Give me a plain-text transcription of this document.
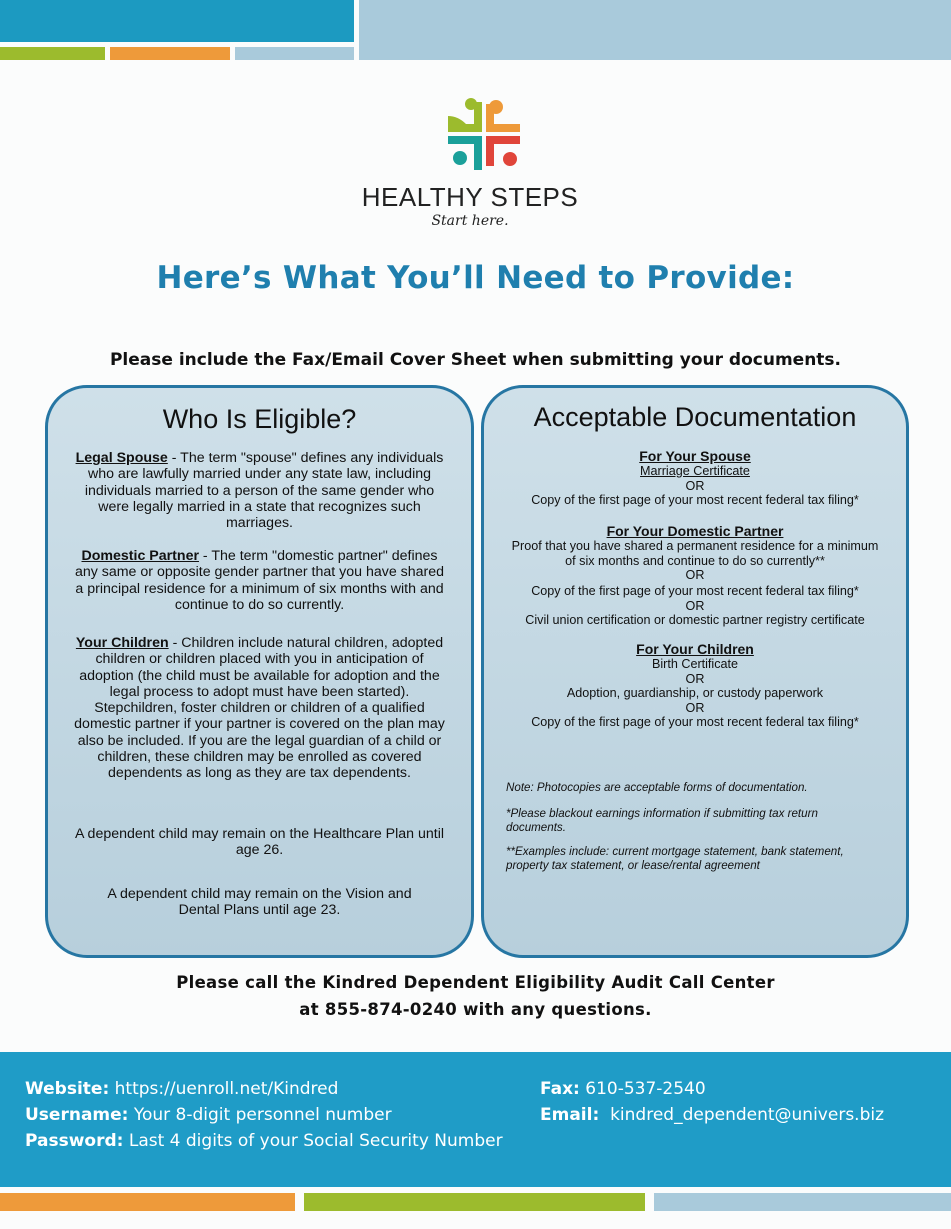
HEALTHY STEPS
Start here.
Here’s What You’ll Need to Provide:
Please include the Fax/Email Cover Sheet when submitting your documents.
Who Is Eligible?
Legal Spouse - The term "spouse" defines any individuals who are lawfully married under any state law, including individuals married to a person of the same gender who were legally married in a state that recognizes such marriages.
Domestic Partner - The term "domestic partner" defines any same or opposite gender partner that you have shared a principal residence for a minimum of six months with and continue to do so currently.
Your Children - Children include natural children, adopted children or children placed with you in anticipation of adoption (the child must be available for adoption and the legal process to adopt must have been started). Stepchildren, foster children or children of a qualified domestic partner if your partner is covered on the plan may also be included. If you are the legal guardian of a child or children, these children may be enrolled as covered dependents as long as they are tax dependents.
A dependent child may remain on the Healthcare Plan until age 26.
A dependent child may remain on the Vision and Dental Plans until age 23.
Acceptable Documentation
For Your Spouse
Marriage Certificate
OR
Copy of the first page of your most recent federal tax filing*
For Your Domestic Partner
Proof that you have shared a permanent residence for a minimum of six months and continue to do so currently**
OR
Copy of the first page of your most recent federal tax filing*
OR
Civil union certification or domestic partner registry certificate
For Your Children
Birth Certificate
OR
Adoption, guardianship, or custody paperwork
OR
Copy of the first page of your most recent federal tax filing*
Note: Photocopies are acceptable forms of documentation.
*Please blackout earnings information if submitting tax return documents.
**Examples include: current mortgage statement, bank statement, property tax statement, or lease/rental agreement
Please call the Kindred Dependent Eligibility Audit Call Center
at 855-874-0240 with any questions.
Website: https://uenroll.net/Kindred
Username: Your 8-digit personnel number
Password: Last 4 digits of your Social Security Number
Fax: 610-537-2540
Email:  kindred_dependent@univers.biz
